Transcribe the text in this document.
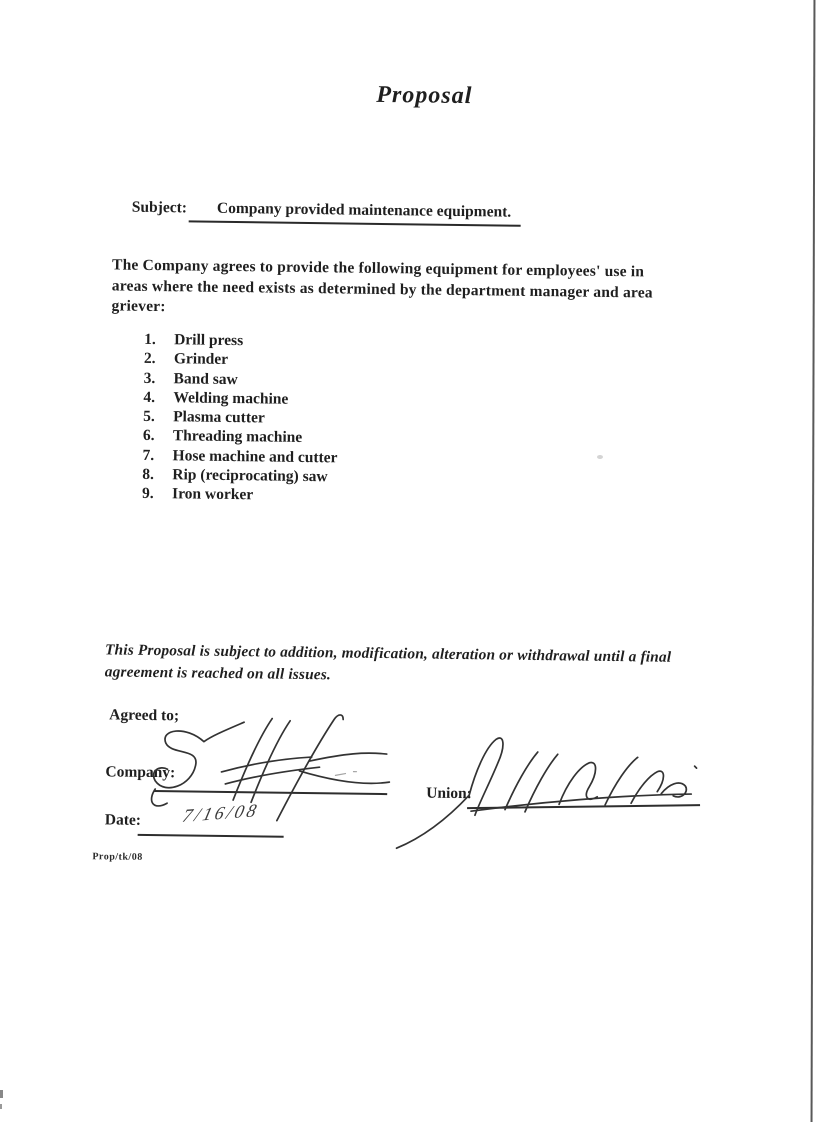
Proposal
Subject: Company provided maintenance equipment.
The Company agrees to provide the following equipment for employees' use in
areas where the need exists as determined by the department manager and area
griever:
1. Drill press
2. Grinder
3. Band saw
4. Welding machine
5. Plasma cutter
6. Threading machine
7. Hose machine and cutter
8. Rip (reciprocating) saw
9. Iron worker
This Proposal is subject to addition, modification, alteration or withdrawal until a final
agreement is reached on all issues.
Agreed to;
Company:
Union:
Date: 7/16/08
Prop/tk/08
